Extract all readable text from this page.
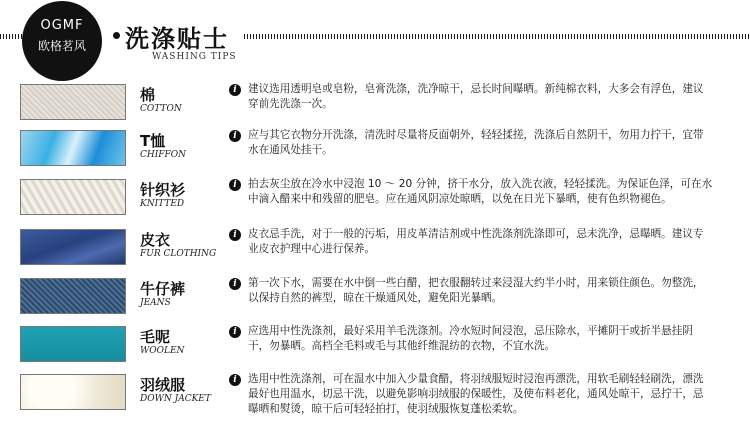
OGMF
欧格茗风	洗涤贴士
WASHING TIPS
棉
COTTON
i	建议选用透明皂或皂粉，皂膏洗涤，洗净晾干，忌长时间曝晒。新纯棉衣料，大多会有浮色，建议穿前先洗涤一次。
T恤
CHIFFON
i	应与其它衣物分开洗涤，清洗时尽量将反面朝外，轻轻揉搓，洗涤后自然阴干，勿用力拧干，宜带水在通风处挂干。
针织衫
KNITTED
i	拍去灰尘放在冷水中浸泡 10 ～ 20 分钟，挤干水分，放入洗衣液，轻轻揉洗。为保证色泽，可在水中滴入醋来中和残留的肥皂。应在通风阴凉处晾晒，以免在日光下暴晒，使有色织物褪色。
皮衣
FUR CLOTHING
i	皮衣忌手洗，对于一般的污垢，用皮革清洁剂或中性洗涤剂洗涤即可，忌未洗净，忌曝晒。建议专业皮衣护理中心进行保养。
牛仔裤
JEANS
i	第一次下水，需要在水中倒一些白醋，把衣服翻转过来浸湿大约半小时，用来锁住颜色。勿整洗，以保持自然的裤型，晾在干燥通风处，避免阳光暴晒。
毛呢
WOOLEN
i	应选用中性洗涤剂，最好采用羊毛洗涤剂。冷水短时间浸泡，忌压除水，平摊阴干或折半悬挂阴干，勿暴晒。高档全毛料或毛与其他纤维混纺的衣物，不宜水洗。
羽绒服
DOWN JACKET
i	选用中性洗涤剂，可在温水中加入少量食醋，将羽绒服短时浸泡再漂洗，用软毛刷轻轻刷洗，漂洗最好也用温水，切忌干洗，以避免影响羽绒服的保暖性，及使布料老化，通风处晾干，忌拧干，忌曝晒和熨烫，晾干后可轻轻拍打，使羽绒服恢复蓬松柔软。
